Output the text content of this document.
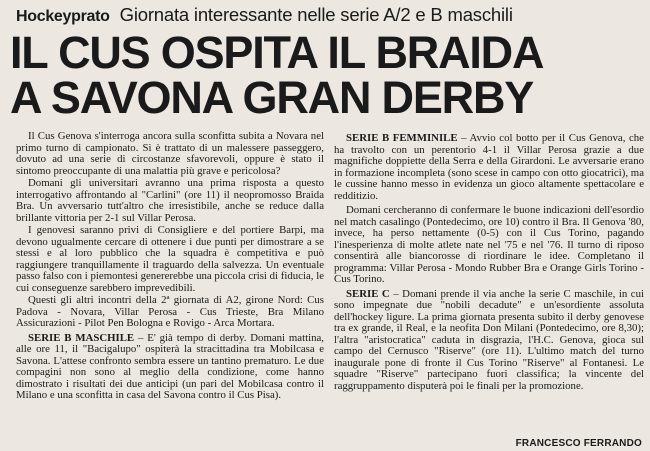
Hockeyprato Giornata interessante nelle serie A/2 e B maschili
IL CUS OSPITA IL BRAIDA
A SAVONA GRAN DERBY

Il Cus Genova s'interroga ancora sulla sconfitta subita a Novara nel primo turno di campionato. Si è trattato di un malessere passeggero, dovuto ad una serie di circostanze sfavorevoli, oppure è stato il sintomo preoccupante di una malattia più grave e pericolosa?

Domani gli universitari avranno una prima risposta a questo interrogativo affrontando al "Carlini" (ore 11) il neopromosso Braida Bra. Un avversario tutt'altro che irresistibile, anche se reduce dalla brillante vittoria per 2-1 sul Villar Perosa.

I genovesi saranno privi di Consigliere e del portiere Barpi, ma devono ugualmente cercare di ottenere i due punti per dimostrare a se stessi e al loro pubblico che la squadra è competitiva e può raggiungere tranquillamente il traguardo della salvezza. Un eventuale passo falso con i piemontesi genererebbe una piccola crisi di fiducia, le cui conseguenze sarebbero imprevedibili.

Questi gli altri incontri della 2ª giornata di A2, girone Nord: Cus Padova - Novara, Villar Perosa - Cus Trieste, Bra Milano Assicurazioni - Pilot Pen Bologna e Rovigo - Arca Mortara.

SERIE B MASCHILE – E' già tempo di derby. Domani mattina, alle ore 11, il "Bacigalupo" ospiterà la stracittadina tra Mobilcasa e Savona. L'attese confronto sembra essere un tantino prematuro. Le due compagini non sono al meglio della condizione, come hanno dimostrato i risultati dei due anticipi (un pari del Mobilcasa contro il Milano e una sconfitta in casa del Savona contro il Cus Pisa).

SERIE B FEMMINILE – Avvio col botto per il Cus Genova, che ha travolto con un perentorio 4-1 il Villar Perosa grazie a due magnifiche doppiette della Serra e della Girardoni. Le avversarie erano in formazione incompleta (sono scese in campo con otto giocatrici), ma le cussine hanno messo in evidenza un gioco altamente spettacolare e redditizio.

Domani cercheranno di confermare le buone indicazioni dell'esordio nel match casalingo (Pontedecimo, ore 10) contro il Bra. Il Genova '80, invece, ha perso nettamente (0-5) con il Cus Torino, pagando l'inesperienza di molte atlete nate nel '75 e nel '76. Il turno di riposo consentirà alle biancorosse di riordinare le idee. Completano il programma: Villar Perosa - Mondo Rubber Bra e Orange Girls Torino - Cus Torino.

SERIE C – Domani prende il via anche la serie C maschile, in cui sono impegnate due "nobili decadute" e un'esordiente assoluta dell'hockey ligure. La prima giornata presenta subito il derby genovese tra ex grande, il Real, e la neofita Don Milani (Pontedecimo, ore 8,30); l'altra "aristocratica" caduta in disgrazia, l'H.C. Genova, gioca sul campo del Cernusco "Riserve" (ore 11). L'ultimo match del turno inaugurale pone di fronte il Cus Torino "Riserve" al Fontanesi. Le squadre "Riserve" partecipano fuori classifica; la vincente del raggruppamento disputerà poi le finali per la promozione.

FRANCESCO FERRANDO
